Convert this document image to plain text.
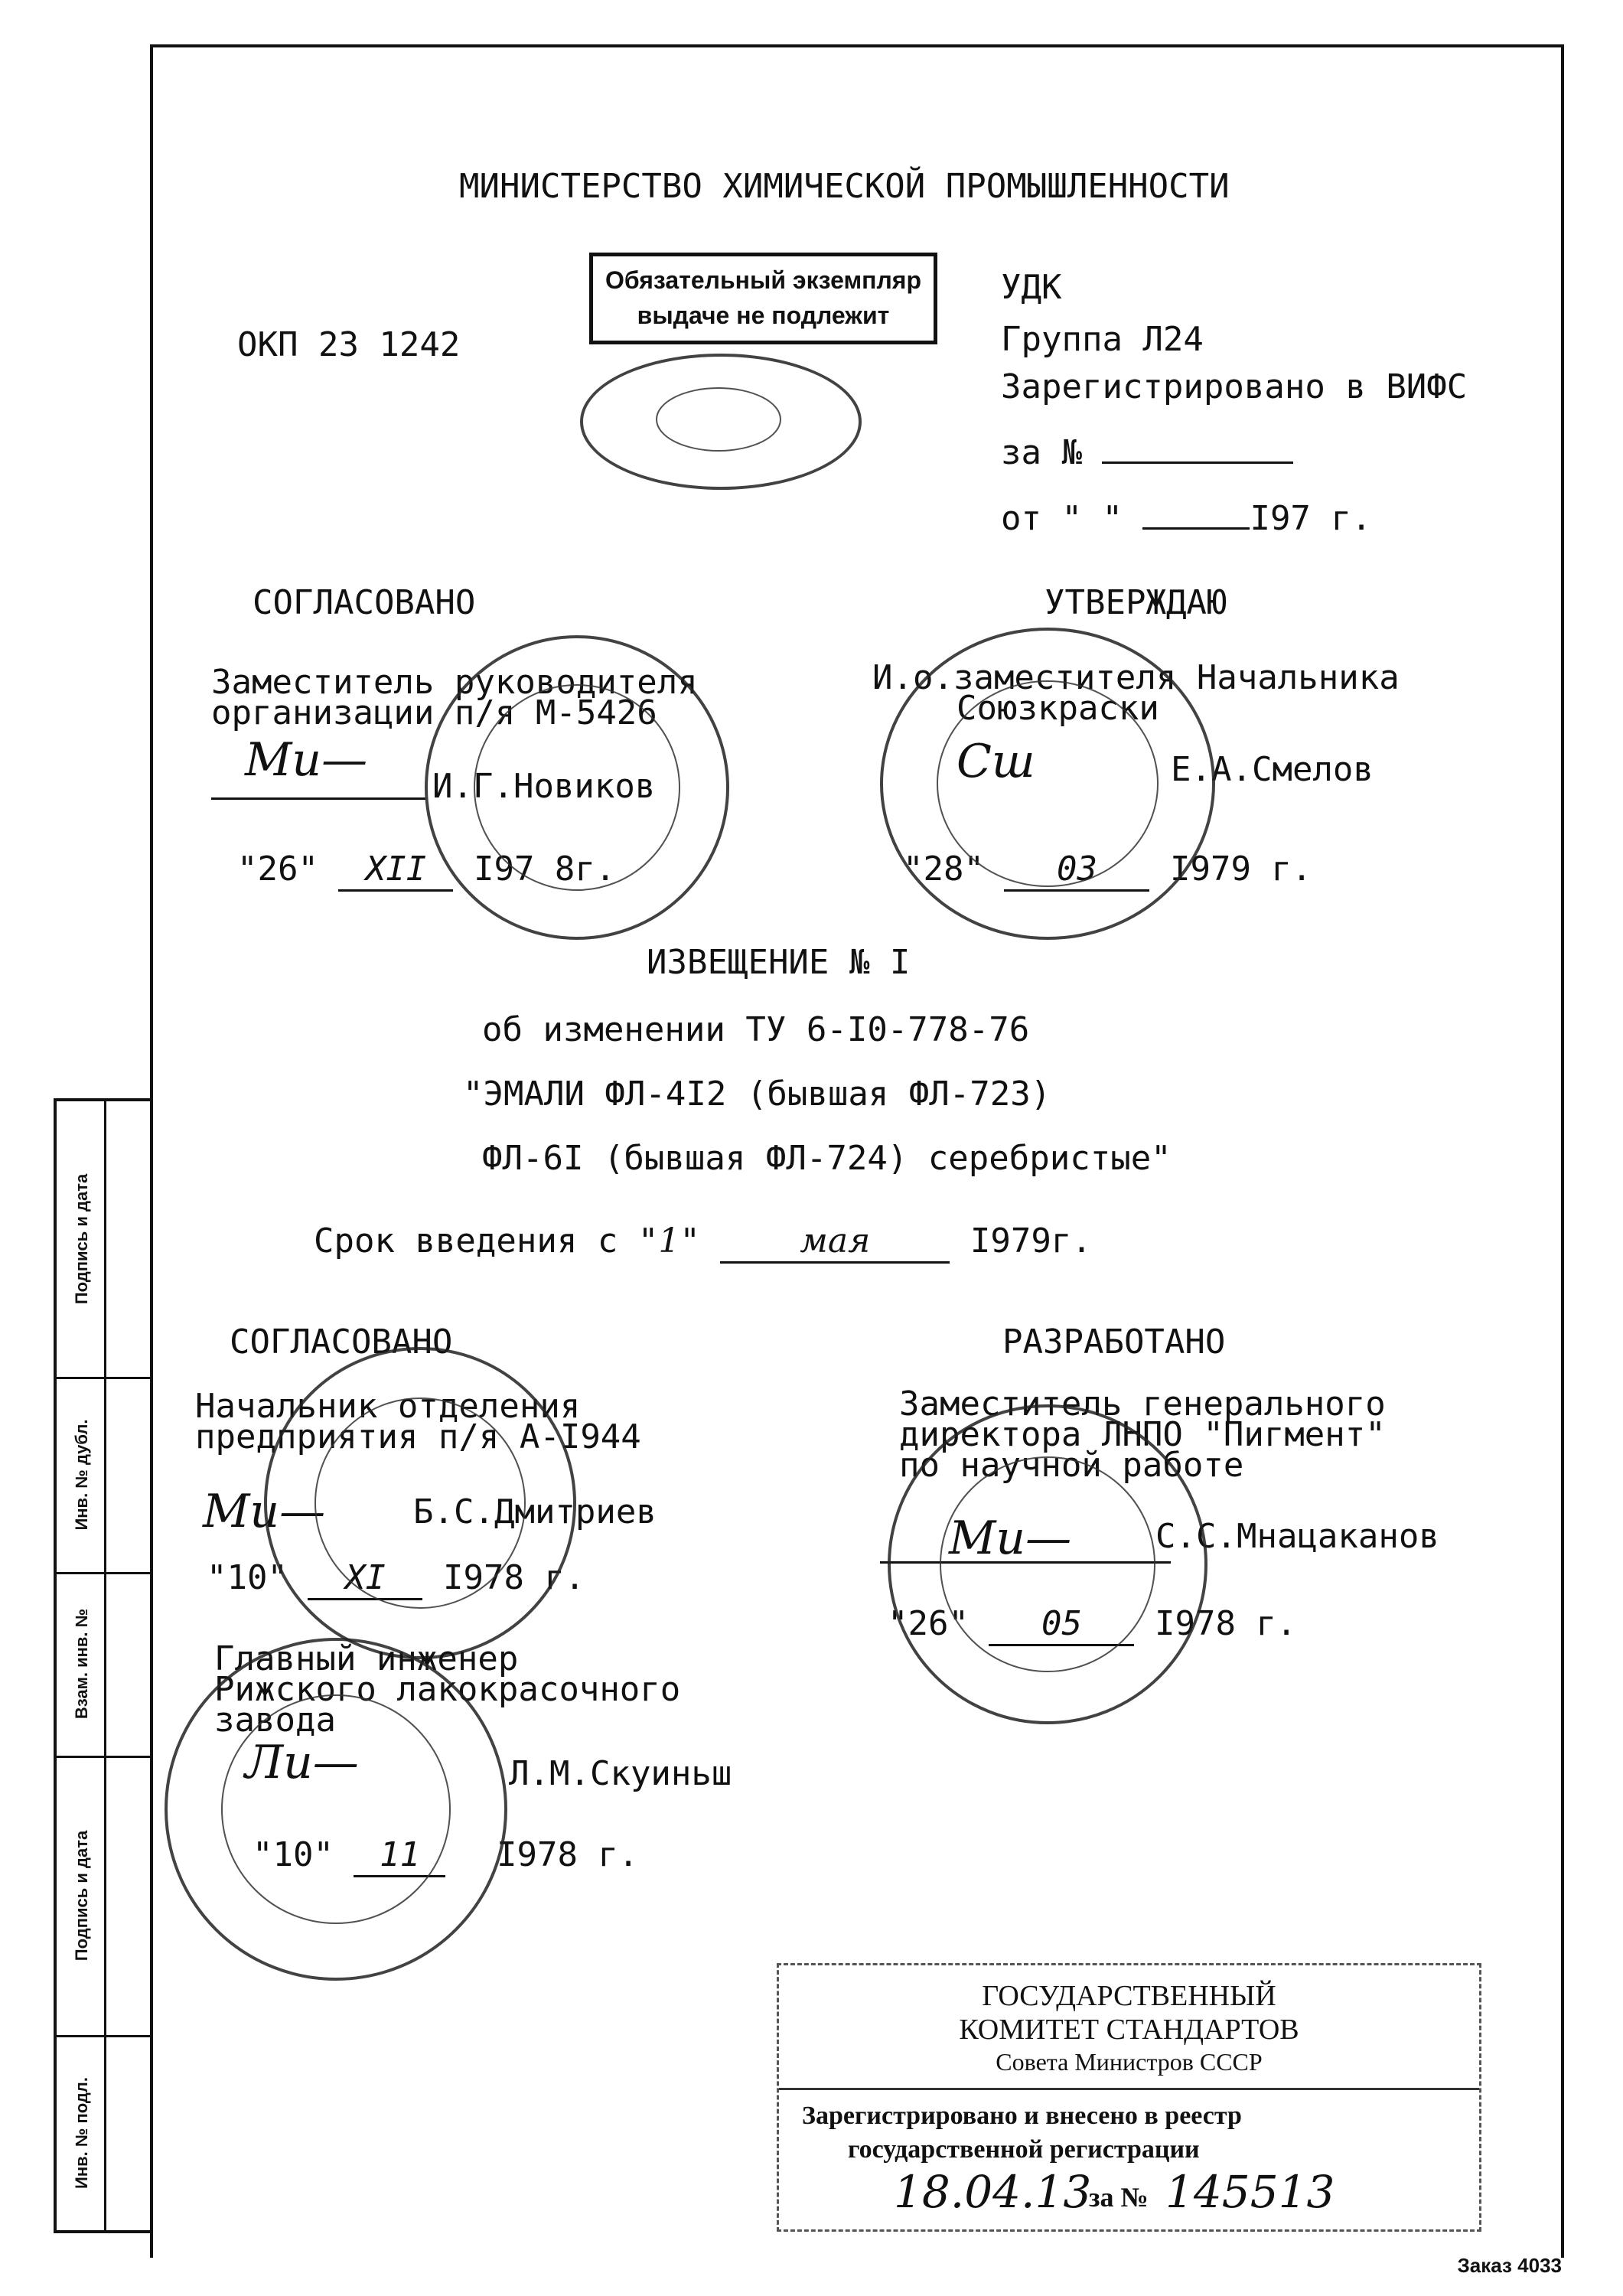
Подпись и дата
Инв. № дубл.
Взам. инв. №
Подпись и дата
Инв. № подл.
МИНИСТЕРСТВО ХИМИЧЕСКОЙ ПРОМЫШЛЕННОСТИ
ОКП 23 1242
Обязательный экземпляр
выдаче не подлежит
УДК
Группа Л24
Зарегистрировано в ВИФС
за №
от " "	I97 г.
СОГЛАСОВАНО	УТВЕРЖДАЮ
Заместитель руководителя
организации п/я М-5426
Ми— И.Г.Новиков
"26" XII I97 8г.
И.о.заместителя Начальника
Союзкраски
Сш	Е.А.Смелов
"28" 03 I979 г.
ИЗВЕЩЕНИЕ № I
об изменении ТУ 6-I0-778-76
"ЭМАЛИ ФЛ-4I2 (бывшая ФЛ-723)
ФЛ-6I (бывшая ФЛ-724) серебристые"
Срок введения с "1"	мая	I979г.
СОГЛАСОВАНО
Начальник отделения
предприятия п/я А-I944
Ми—	Б.С.Дмитриев
"10" XI I978 г.
Главный инженер
Рижского лакокрасочного
завода
Ли—	Л.М.Скуиньш
"10" 11 I978 г.
РАЗРАБОТАНО
Заместитель генерального
директора ЛНПО "Пигмент"
по научной работе
Ми— С.С.Мнацаканов
"26" 05 I978 г.
ГОСУДАРСТВЕННЫЙ
КОМИТЕТ СТАНДАРТОВ
Совета Министров СССР
Зарегистрировано и внесено в реестр
государственной регистрации
18.04.13
за № 145513
Заказ 4033
